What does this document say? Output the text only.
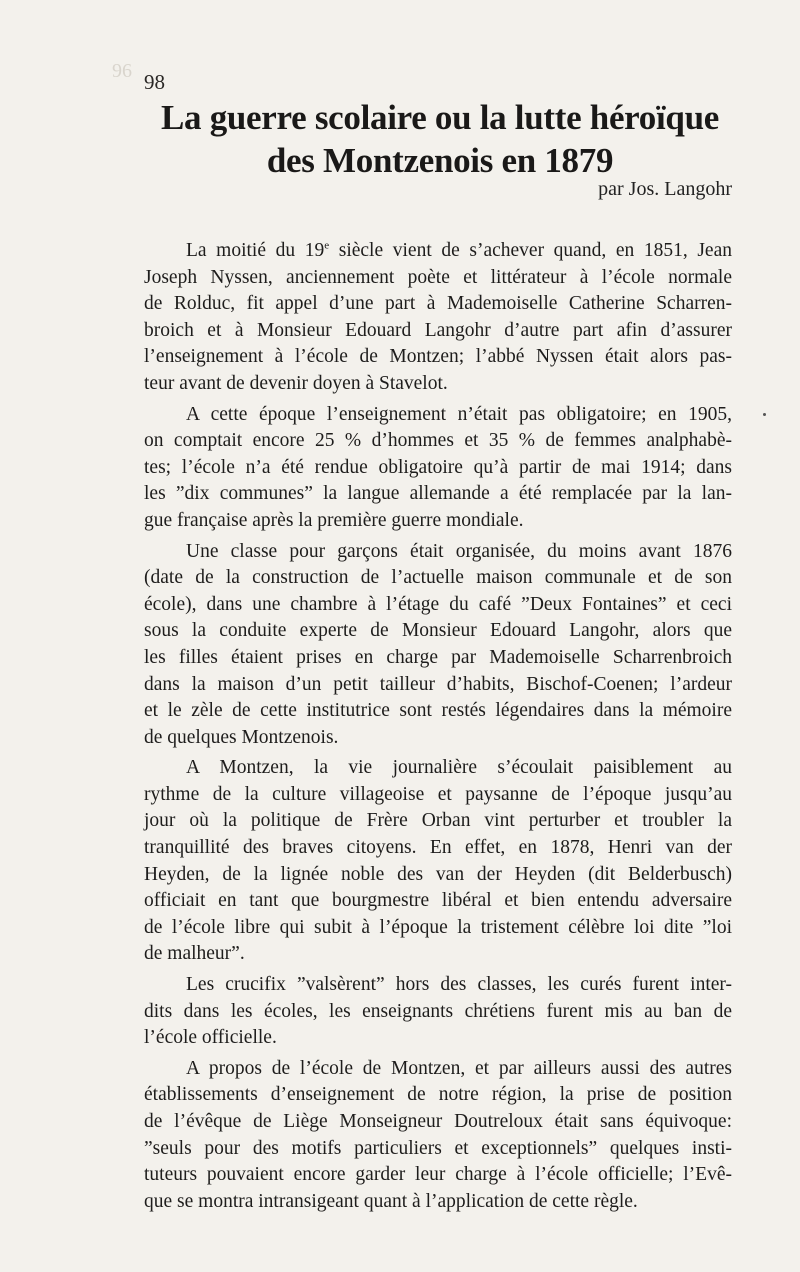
96 98
La guerre scolaire ou la lutte héroïque
des Montzenois en 1879
par Jos. Langohr
La moitié du 19e siècle vient de s’achever quand, en 1851, Jean
Joseph Nyssen, anciennement poète et littérateur à l’école normale
de Rolduc, fit appel d’une part à Mademoiselle Catherine Scharren-
broich et à Monsieur Edouard Langohr d’autre part afin d’assurer
l’enseignement à l’école de Montzen; l’abbé Nyssen était alors pas-
teur avant de devenir doyen à Stavelot.
A cette époque l’enseignement n’était pas obligatoire; en 1905,
on comptait encore 25 % d’hommes et 35 % de femmes analphabè-
tes; l’école n’a été rendue obligatoire qu’à partir de mai 1914; dans
les ”dix communes” la langue allemande a été remplacée par la lan-
gue française après la première guerre mondiale.
Une classe pour garçons était organisée, du moins avant 1876
(date de la construction de l’actuelle maison communale et de son
école), dans une chambre à l’étage du café ”Deux Fontaines” et ceci
sous la conduite experte de Monsieur Edouard Langohr, alors que
les filles étaient prises en charge par Mademoiselle Scharrenbroich
dans la maison d’un petit tailleur d’habits, Bischof-Coenen; l’ardeur
et le zèle de cette institutrice sont restés légendaires dans la mémoire
de quelques Montzenois.
A Montzen, la vie journalière s’écoulait paisiblement au
rythme de la culture villageoise et paysanne de l’époque jusqu’au
jour où la politique de Frère Orban vint perturber et troubler la
tranquillité des braves citoyens. En effet, en 1878, Henri van der
Heyden, de la lignée noble des van der Heyden (dit Belderbusch)
officiait en tant que bourgmestre libéral et bien entendu adversaire
de l’école libre qui subit à l’époque la tristement célèbre loi dite ”loi
de malheur”.
Les crucifix ”valsèrent” hors des classes, les curés furent inter-
dits dans les écoles, les enseignants chrétiens furent mis au ban de
l’école officielle.
A propos de l’école de Montzen, et par ailleurs aussi des autres
établissements d’enseignement de notre région, la prise de position
de l’évêque de Liège Monseigneur Doutreloux était sans équivoque:
”seuls pour des motifs particuliers et exceptionnels” quelques insti-
tuteurs pouvaient encore garder leur charge à l’école officielle; l’Evê-
que se montra intransigeant quant à l’application de cette règle.
